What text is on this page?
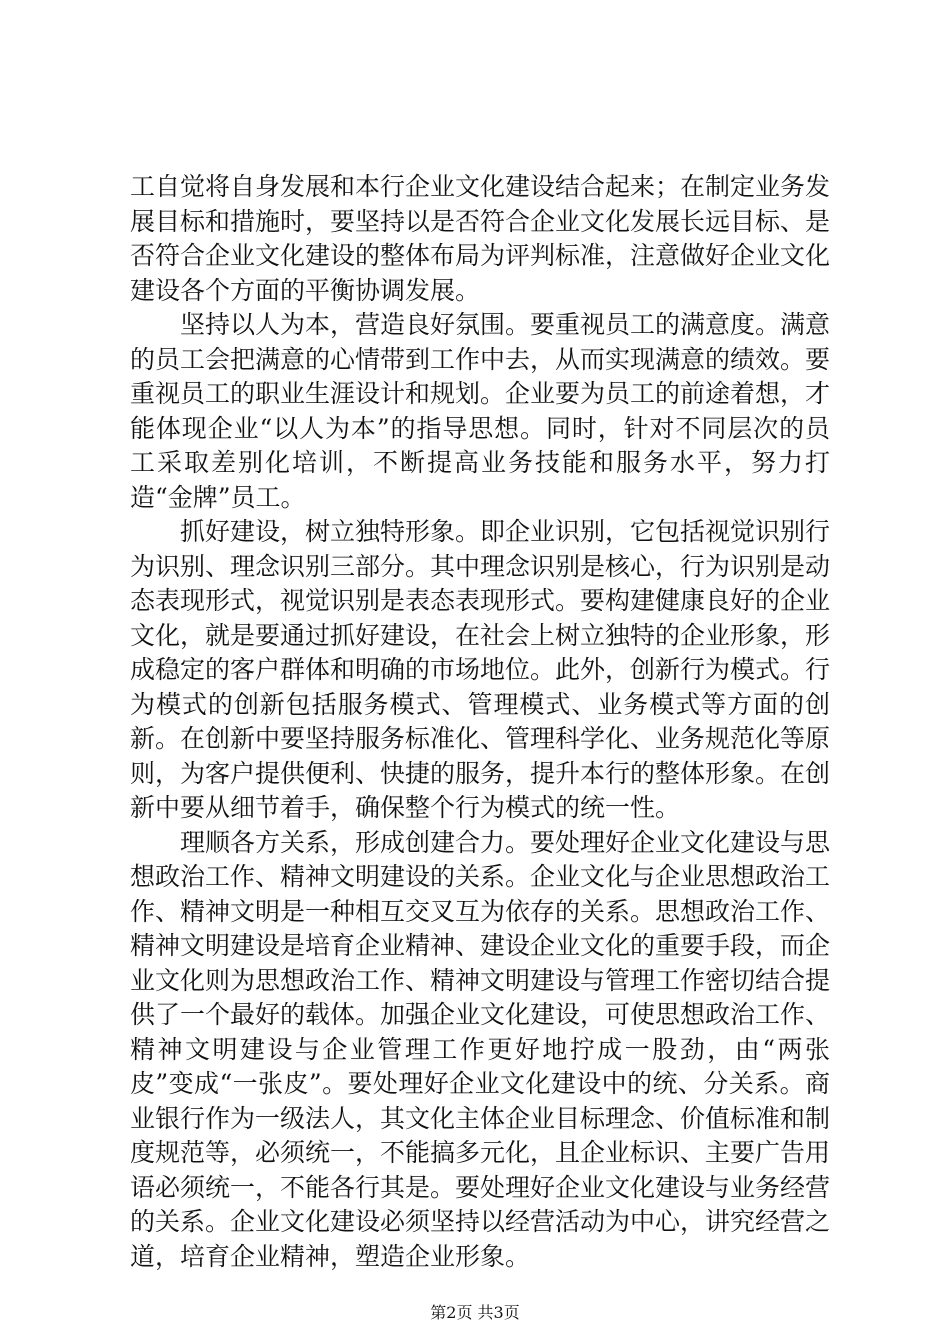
工自觉将自身发展和本行企业文化建设结合起来；在制定业务发展目标和措施时，要坚持以是否符合企业文化发展长远目标、是否符合企业文化建设的整体布局为评判标准，注意做好企业文化建设各个方面的平衡协调发展。

坚持以人为本，营造良好氛围。要重视员工的满意度。满意的员工会把满意的心情带到工作中去，从而实现满意的绩效。要重视员工的职业生涯设计和规划。企业要为员工的前途着想，才能体现企业“以人为本”的指导思想。同时，针对不同层次的员工采取差别化培训，不断提高业务技能和服务水平，努力打造“金牌”员工。

抓好建设，树立独特形象。即企业识别，它包括视觉识别行为识别、理念识别三部分。其中理念识别是核心，行为识别是动态表现形式，视觉识别是表态表现形式。要构建健康良好的企业文化，就是要通过抓好建设，在社会上树立独特的企业形象，形成稳定的客户群体和明确的市场地位。此外，创新行为模式。行为模式的创新包括服务模式、管理模式、业务模式等方面的创新。在创新中要坚持服务标准化、管理科学化、业务规范化等原则，为客户提供便利、快捷的服务，提升本行的整体形象。在创新中要从细节着手，确保整个行为模式的统一性。

理顺各方关系，形成创建合力。要处理好企业文化建设与思想政治工作、精神文明建设的关系。企业文化与企业思想政治工作、精神文明是一种相互交叉互为依存的关系。思想政治工作、精神文明建设是培育企业精神、建设企业文化的重要手段，而企业文化则为思想政治工作、精神文明建设与管理工作密切结合提供了一个最好的载体。加强企业文化建设，可使思想政治工作、精神文明建设与企业管理工作更好地拧成一股劲，由“两张皮”变成“一张皮”。要处理好企业文化建设中的统、分关系。商业银行作为一级法人，其文化主体企业目标理念、价值标准和制度规范等，必须统一，不能搞多元化，且企业标识、主要广告用语必须统一，不能各行其是。要处理好企业文化建设与业务经营的关系。企业文化建设必须坚持以经营活动为中心，讲究经营之道，培育企业精神，塑造企业形象。

第2页 共3页
